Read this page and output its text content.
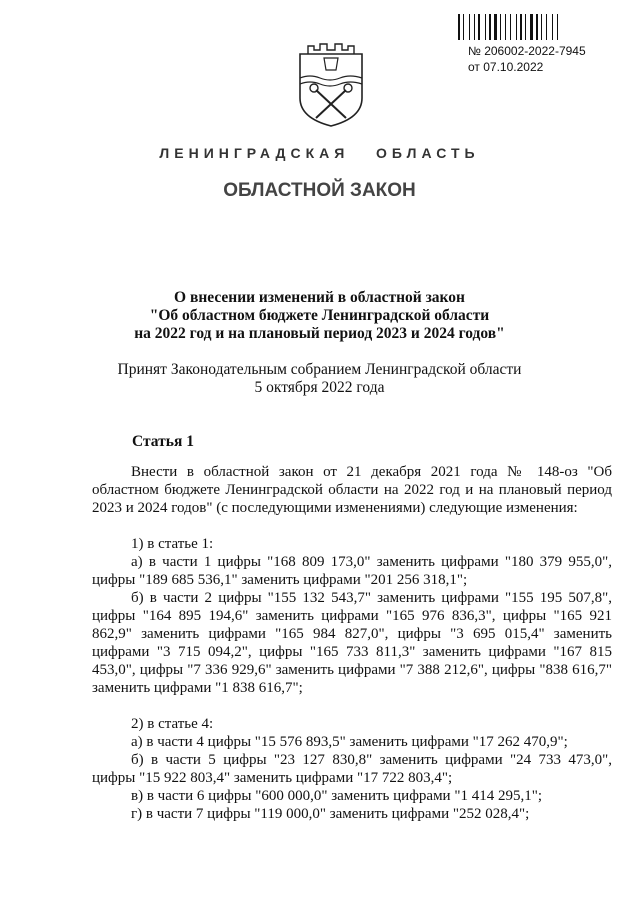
№ 206002-2022-7945
от 07.10.2022
ЛЕНИНГРАДСКАЯ   ОБЛАСТЬ
ОБЛАСТНОЙ ЗАКОН
О внесении изменений в областной закон
"Об областном бюджете Ленинградской области
на 2022 год и на плановый период 2023 и 2024 годов"
Принят Законодательным собранием Ленинградской области
5 октября 2022 года
Статья 1

Внести в областной закон от 21 декабря 2021 года № 148-оз "Об областном бюджете Ленинградской области на 2022 год и на плановый период 2023 и 2024 годов" (с последующими изменениями) следующие изменения:

1) в статье 1:

а) в части 1 цифры "168 809 173,0" заменить цифрами "180 379 955,0", цифры "189 685 536,1" заменить цифрами "201 256 318,1";

б) в части 2 цифры "155 132 543,7" заменить цифрами "155 195 507,8", цифры "164 895 194,6" заменить цифрами "165 976 836,3", цифры "165 921 862,9" заменить цифрами "165 984 827,0", цифры "3 695 015,4" заменить цифрами "3 715 094,2", цифры "165 733 811,3" заменить цифрами "167 815 453,0", цифры "7 336 929,6" заменить цифрами "7 388 212,6", цифры "838 616,7" заменить цифрами "1 838 616,7";

2) в статье 4:

а) в части 4 цифры "15 576 893,5" заменить цифрами "17 262 470,9";

б) в части 5 цифры "23 127 830,8" заменить цифрами "24 733 473,0", цифры "15 922 803,4" заменить цифрами "17 722 803,4";

в) в части 6 цифры "600 000,0" заменить цифрами "1 414 295,1";

г) в части 7 цифры "119 000,0" заменить цифрами "252 028,4";
